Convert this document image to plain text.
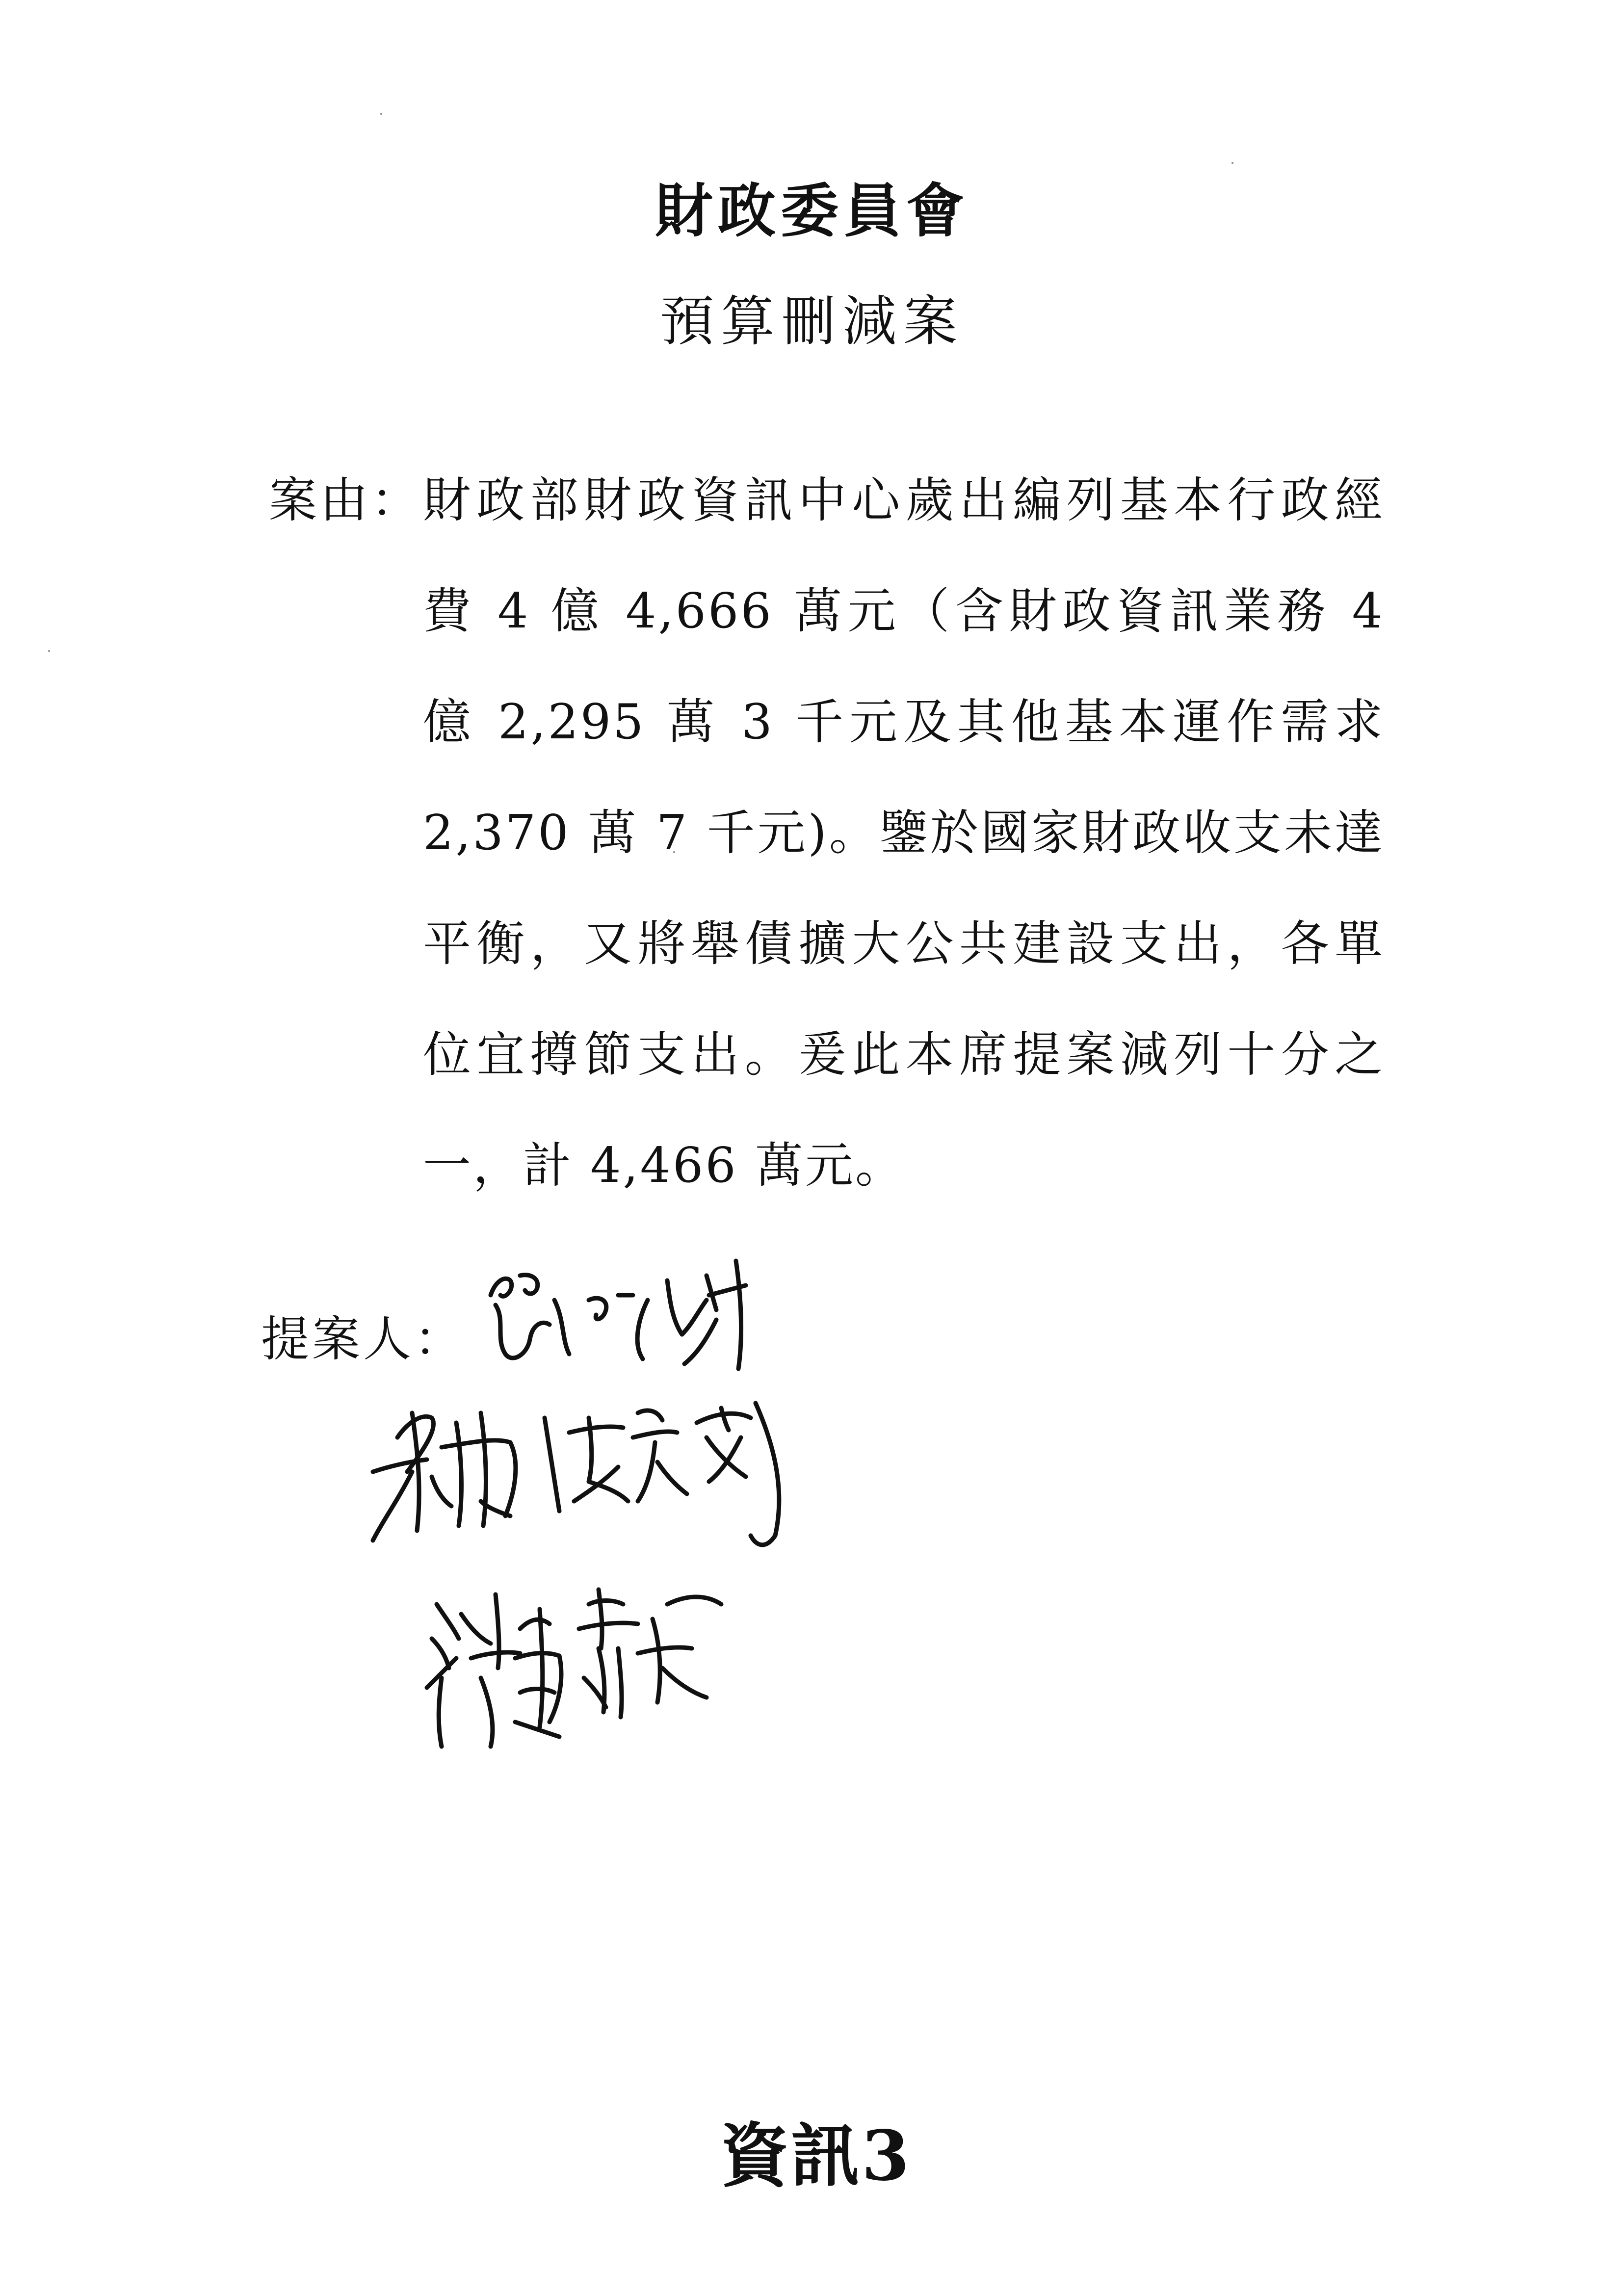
財政委員會
預算刪減案
案由： 財政部財政資訊中心歲出編列基本行政經
費 4 億 4,666 萬元（含財政資訊業務 4
億 2,295 萬 3 千元及其他基本運作需求
2,370 萬 7 千元)。鑒於國家財政收支未達
平衡，又將舉債擴大公共建設支出，各單
位宜撙節支出。爰此本席提案減列十分之
一，計 4,466 萬元。
提案人：
資訊3
